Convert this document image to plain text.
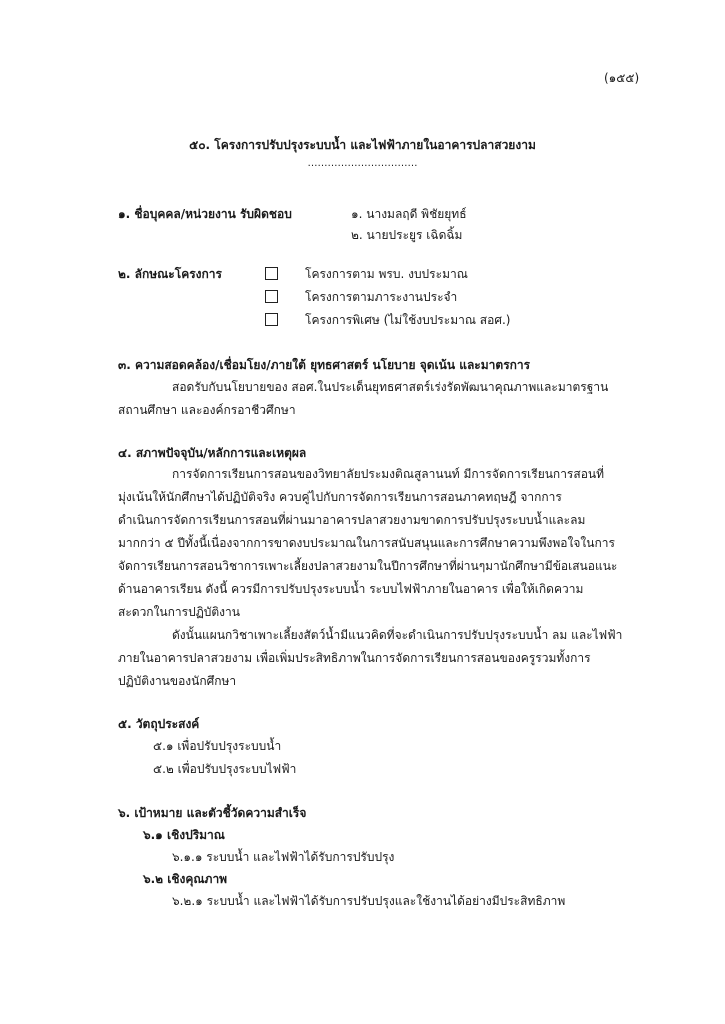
(๑๕๕)
๕๐. โครงการปรับปรุงระบบน้ำ และไฟฟ้าภายในอาคารปลาสวยงาม
……………………………
๑. ชื่อบุคคล/หน่วยงาน รับผิดชอบ	๑. นางมลฤดี พิชัยยุทธ์
๒. นายประยูร เฉิดฉิ้ม
๒. ลักษณะโครงการ	โครงการตาม พรบ. งบประมาณ
โครงการตามภาระงานประจำ
โครงการพิเศษ (ไม่ใช้งบประมาณ สอศ.)
๓. ความสอดคล้อง/เชื่อมโยง/ภายใต้ ยุทธศาสตร์ นโยบาย จุดเน้น และมาตรการ
สอดรับกับนโยบายของ สอศ.ในประเด็นยุทธศาสตร์เร่งรัดพัฒนาคุณภาพและมาตรฐาน
สถานศึกษา และองค์กรอาชีวศึกษา
๔. สภาพปัจจุบัน/หลักการและเหตุผล
การจัดการเรียนการสอนของวิทยาลัยประมงติณสูลานนท์ มีการจัดการเรียนการสอนที่
มุ่งเน้นให้นักศึกษาได้ปฏิบัติจริง ควบคู่ไปกับการจัดการเรียนการสอนภาคทฤษฎี จากการ
ดำเนินการจัดการเรียนการสอนที่ผ่านมาอาคารปลาสวยงามขาดการปรับปรุงระบบน้ำและลม
มากกว่า ๕ ปีทั้งนี้เนื่องจากการขาดงบประมาณในการสนับสนุนและการศึกษาความพึงพอใจในการ
จัดการเรียนการสอนวิชาการเพาะเลี้ยงปลาสวยงามในปีการศึกษาที่ผ่านๆมานักศึกษามีข้อเสนอแนะ
ด้านอาคารเรียน ดังนี้ ควรมีการปรับปรุงระบบน้ำ ระบบไฟฟ้าภายในอาคาร เพื่อให้เกิดความ
สะดวกในการปฏิบัติงาน
ดังนั้นแผนกวิชาเพาะเลี้ยงสัตว์น้ำมีแนวคิดที่จะดำเนินการปรับปรุงระบบน้ำ ลม และไฟฟ้า
ภายในอาคารปลาสวยงาม เพื่อเพิ่มประสิทธิภาพในการจัดการเรียนการสอนของครูรวมทั้งการ
ปฏิบัติงานของนักศึกษา
๕. วัตถุประสงค์
๕.๑ เพื่อปรับปรุงระบบน้ำ
๕.๒ เพื่อปรับปรุงระบบไฟฟ้า
๖. เป้าหมาย และตัวชี้วัดความสำเร็จ
๖.๑ เชิงปริมาณ
๖.๑.๑ ระบบน้ำ และไฟฟ้าได้รับการปรับปรุง
๖.๒ เชิงคุณภาพ
๖.๒.๑ ระบบน้ำ และไฟฟ้าได้รับการปรับปรุงและใช้งานได้อย่างมีประสิทธิภาพ
